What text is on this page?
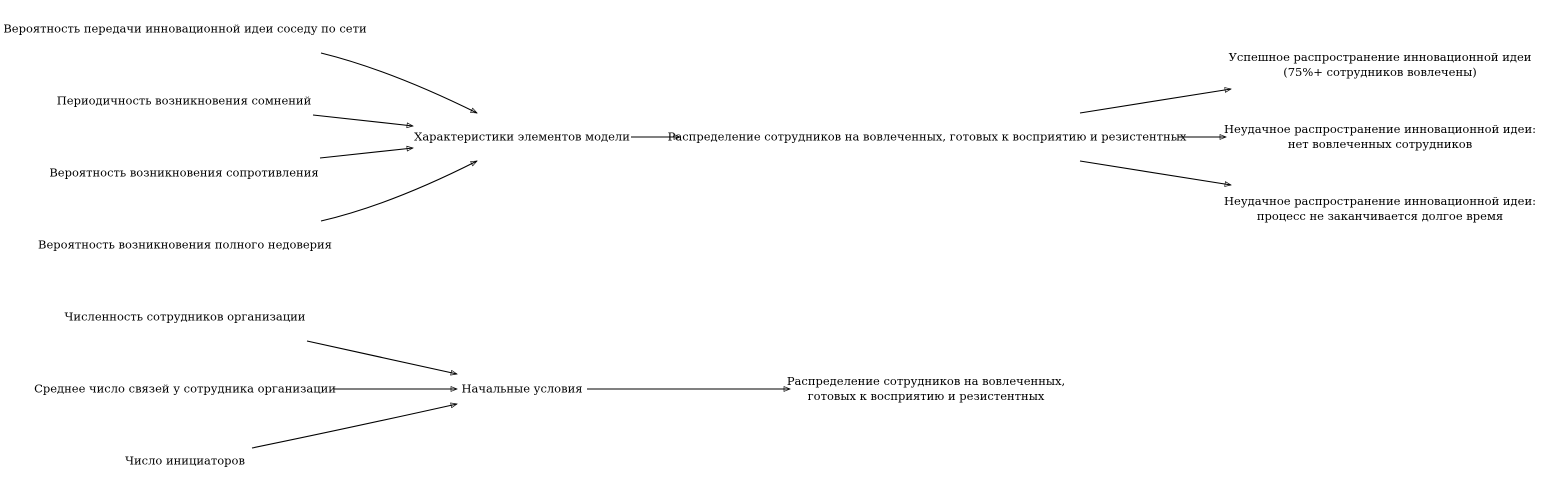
Вероятность передачи инновационной идеи соседу по сети
Периодичность возникновения сомнений
Вероятность возникновения сопротивления
Вероятность возникновения полного недоверия
Характеристики элементов модели	Распределение сотрудников на вовлеченных, готовых к восприятию и резистентных
Успешное распространение инновационной идеи
(75%+ сотрудников вовлечены)
Неудачное распространение инновационной идеи:
нет вовлеченных сотрудников
Неудачное распространение инновационной идеи:
процесс не заканчивается долгое время
Численность сотрудников организации
Среднее число связей у сотрудника организации
Число инициаторов
Начальные условия
Распределение сотрудников на вовлеченных,
готовых к восприятию и резистентных
